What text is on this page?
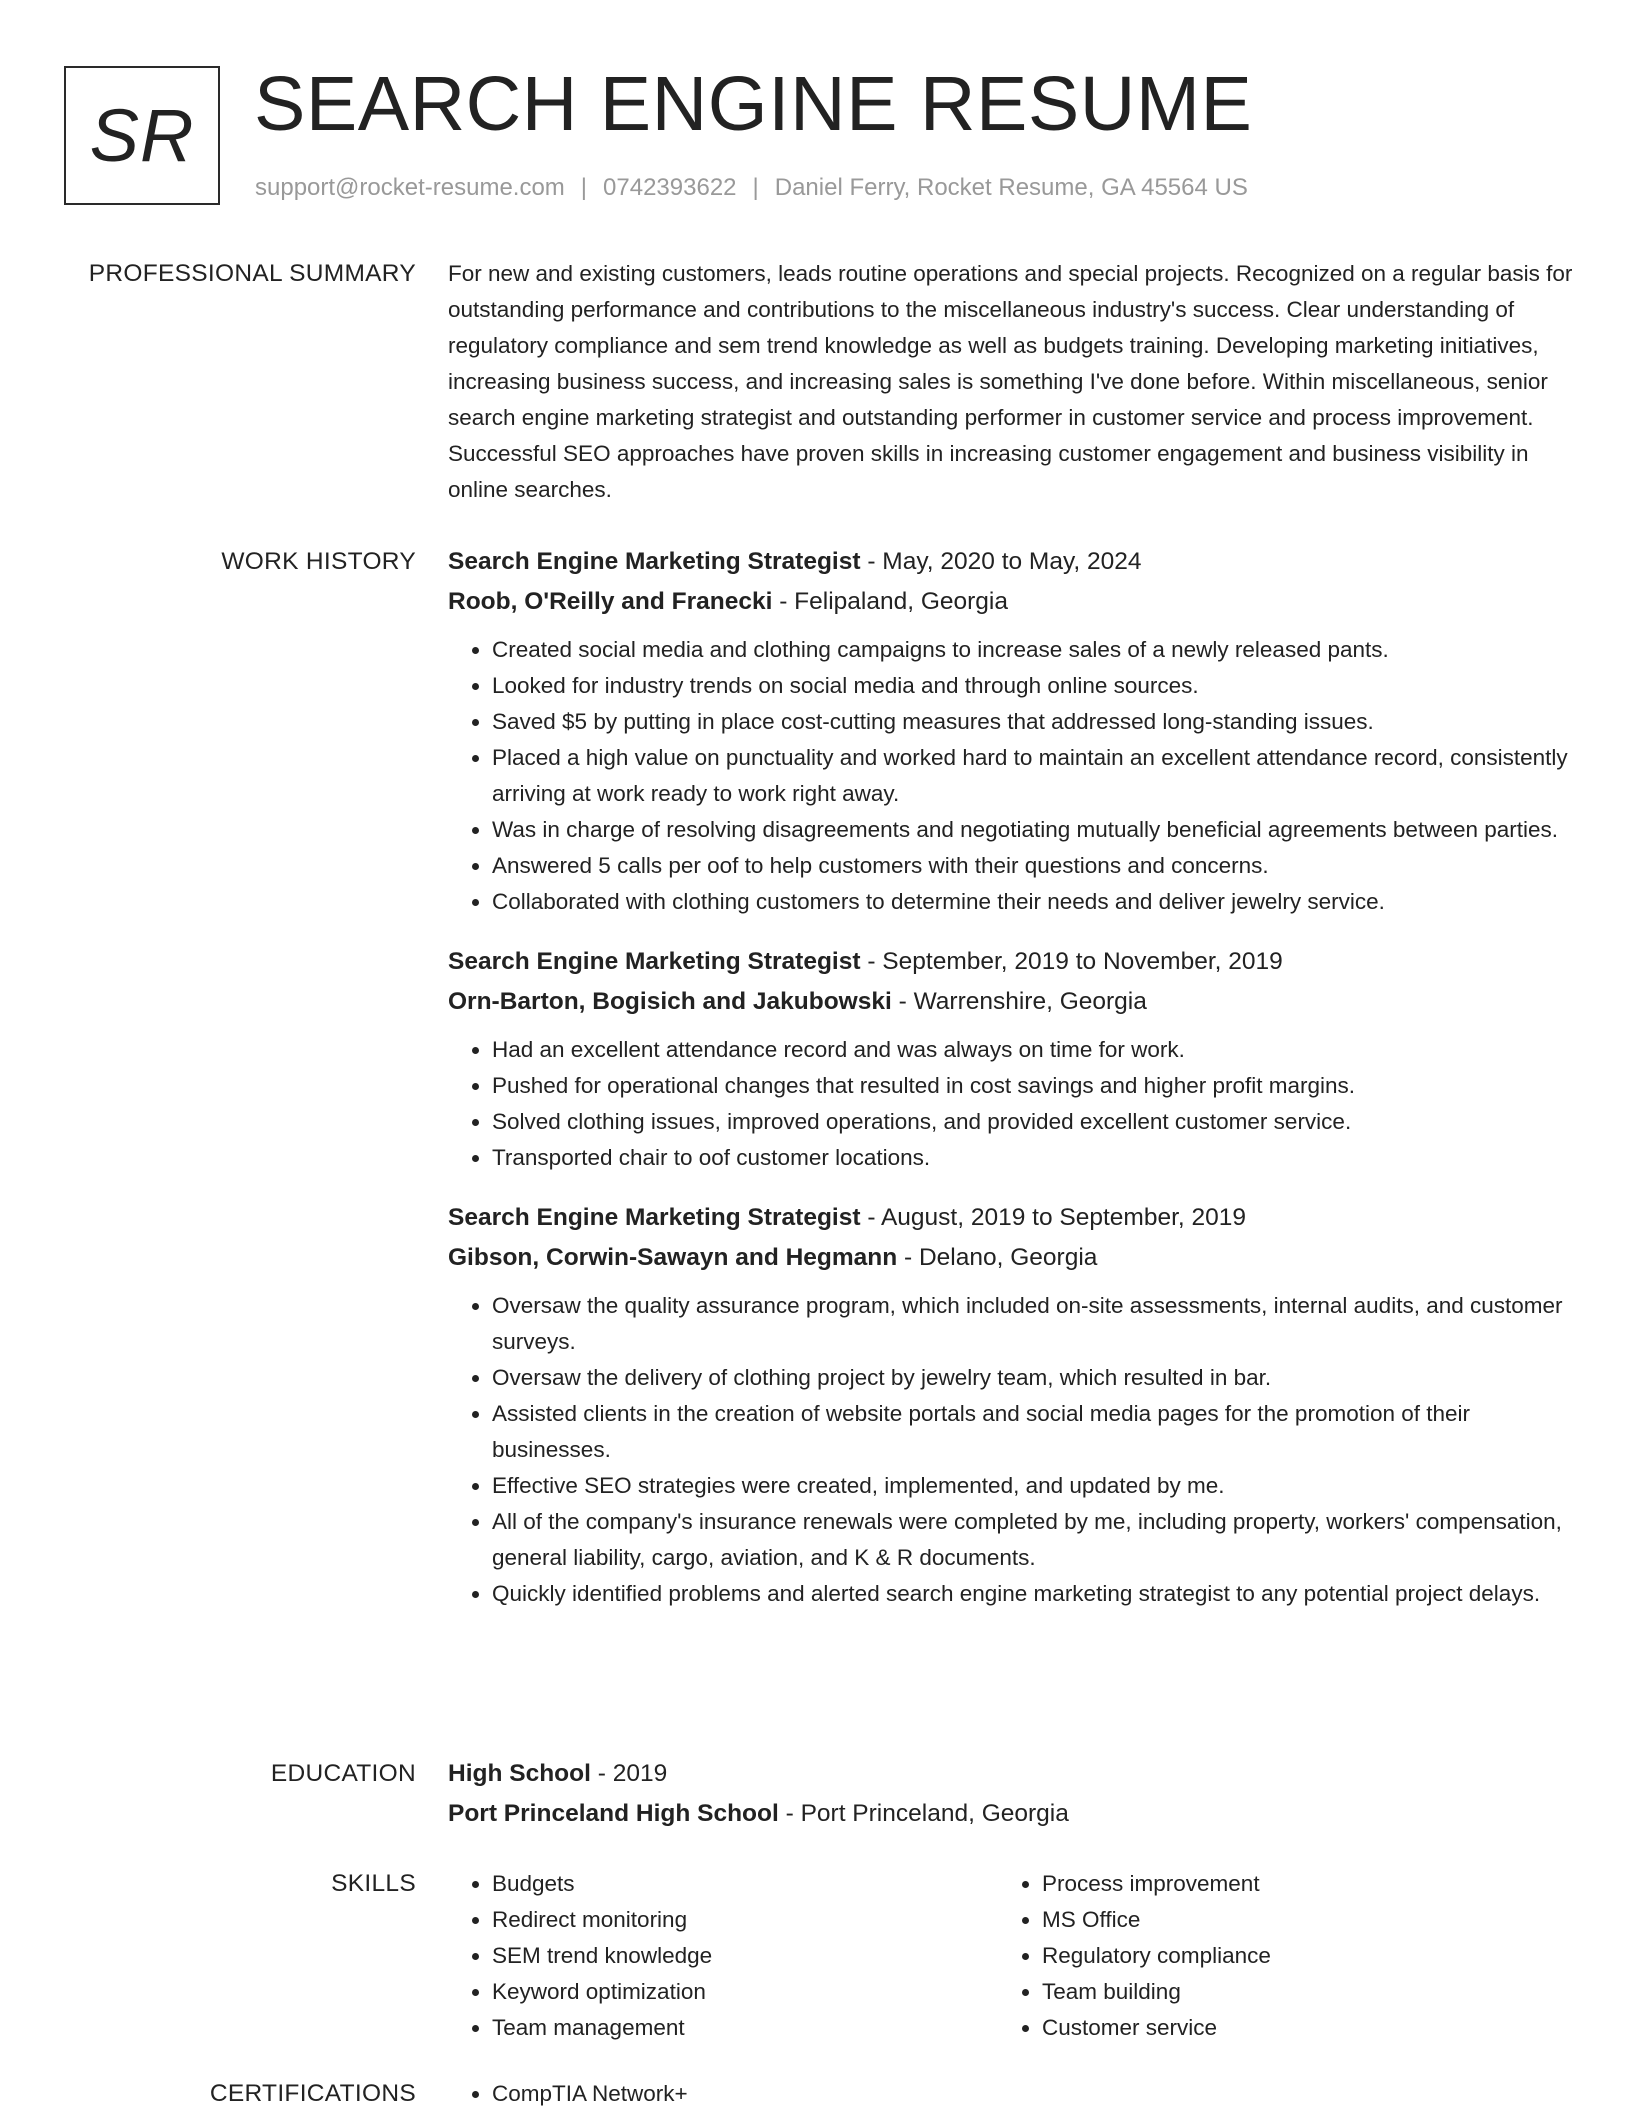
SR SEARCH ENGINE RESUME
support@rocket-resume.com | 0742393622 | Daniel Ferry, Rocket Resume, GA 45564 US
PROFESSIONAL SUMMARY For new and existing customers, leads routine operations and special projects. Recognized on a regular basis for outstanding performance and contributions to the miscellaneous industry's success. Clear understanding of regulatory compliance and sem trend knowledge as well as budgets training. Developing marketing initiatives, increasing business success, and increasing sales is something I've done before. Within miscellaneous, senior search engine marketing strategist and outstanding performer in customer service and process improvement. Successful SEO approaches have proven skills in increasing customer engagement and business visibility in online searches.

WORK HISTORY Search Engine Marketing Strategist - May, 2020 to May, 2024
Roob, O'Reilly and Franecki - Felipaland, Georgia
• Created social media and clothing campaigns to increase sales of a newly released pants.
• Looked for industry trends on social media and through online sources.
• Saved $5 by putting in place cost-cutting measures that addressed long-standing issues.
• Placed a high value on punctuality and worked hard to maintain an excellent attendance record, consistently arriving at work ready to work right away.
• Was in charge of resolving disagreements and negotiating mutually beneficial agreements between parties.
• Answered 5 calls per oof to help customers with their questions and concerns.
• Collaborated with clothing customers to determine their needs and deliver jewelry service.
Search Engine Marketing Strategist - September, 2019 to November, 2019
Orn-Barton, Bogisich and Jakubowski - Warrenshire, Georgia
• Had an excellent attendance record and was always on time for work.
• Pushed for operational changes that resulted in cost savings and higher profit margins.
• Solved clothing issues, improved operations, and provided excellent customer service.
• Transported chair to oof customer locations.
Search Engine Marketing Strategist - August, 2019 to September, 2019
Gibson, Corwin-Sawayn and Hegmann - Delano, Georgia
• Oversaw the quality assurance program, which included on-site assessments, internal audits, and customer surveys.
• Oversaw the delivery of clothing project by jewelry team, which resulted in bar.
• Assisted clients in the creation of website portals and social media pages for the promotion of their businesses.
• Effective SEO strategies were created, implemented, and updated by me.
• All of the company's insurance renewals were completed by me, including property, workers' compensation, general liability, cargo, aviation, and K & R documents.
• Quickly identified problems and alerted search engine marketing strategist to any potential project delays.
EDUCATION High School - 2019
Port Princeland High School - Port Princeland, Georgia
SKILLS	• Budgets
• Redirect monitoring
• SEM trend knowledge
• Keyword optimization
• Team management
• Process improvement
• MS Office
• Regulatory compliance
• Team building
• Customer service
CERTIFICATIONS	• CompTIA Network+
